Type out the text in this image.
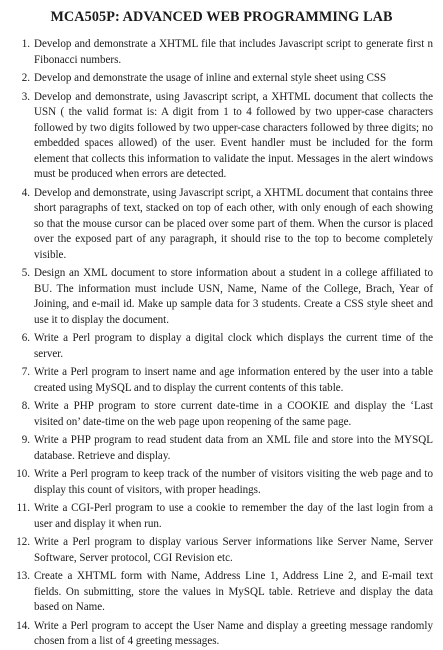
MCA505P: ADVANCED WEB PROGRAMMING LAB
1. Develop and demonstrate a XHTML file that includes Javascript script to generate first n Fibonacci numbers.
2. Develop and demonstrate the usage of inline and external style sheet using CSS
3. Develop and demonstrate, using Javascript script, a XHTML document that collects the USN ( the valid format is: A digit from 1 to 4 followed by two upper-case characters followed by two digits followed by two upper-case characters followed by three digits; no embedded spaces allowed) of the user. Event handler must be included for the form element that collects this information to validate the input. Messages in the alert windows must be produced when errors are detected.
4. Develop and demonstrate, using Javascript script, a XHTML document that contains three short paragraphs of text, stacked on top of each other, with only enough of each showing so that the mouse cursor can be placed over some part of them. When the cursor is placed over the exposed part of any paragraph, it should rise to the top to become completely visible.
5. Design an XML document to store information about a student in a college affiliated to BU. The information must include USN, Name, Name of the College, Brach, Year of Joining, and e-mail id. Make up sample data for 3 students. Create a CSS style sheet and use it to display the document.
6. Write a Perl program to display a digital clock which displays the current time of the server.
7. Write a Perl program to insert name and age information entered by the user into a table created using MySQL and to display the current contents of this table.
8. Write a PHP program to store current date-time in a COOKIE and display the ‘Last visited on’ date-time on the web page upon reopening of the same page.
9. Write a PHP program to read student data from an XML file and store into the MYSQL database. Retrieve and display.
10. Write a Perl program to keep track of the number of visitors visiting the web page and to display this count of visitors, with proper headings.
11. Write a CGI-Perl program to use a cookie to remember the day of the last login from a user and display it when run.
12. Write a Perl program to display various Server informations like Server Name, Server Software, Server protocol, CGI Revision etc.
13. Create a XHTML form with Name, Address Line 1, Address Line 2, and E-mail text fields. On submitting, store the values in MySQL table. Retrieve and display the data based on Name.
14. Write a Perl program to accept the User Name and display a greeting message randomly chosen from a list of 4 greeting messages.
